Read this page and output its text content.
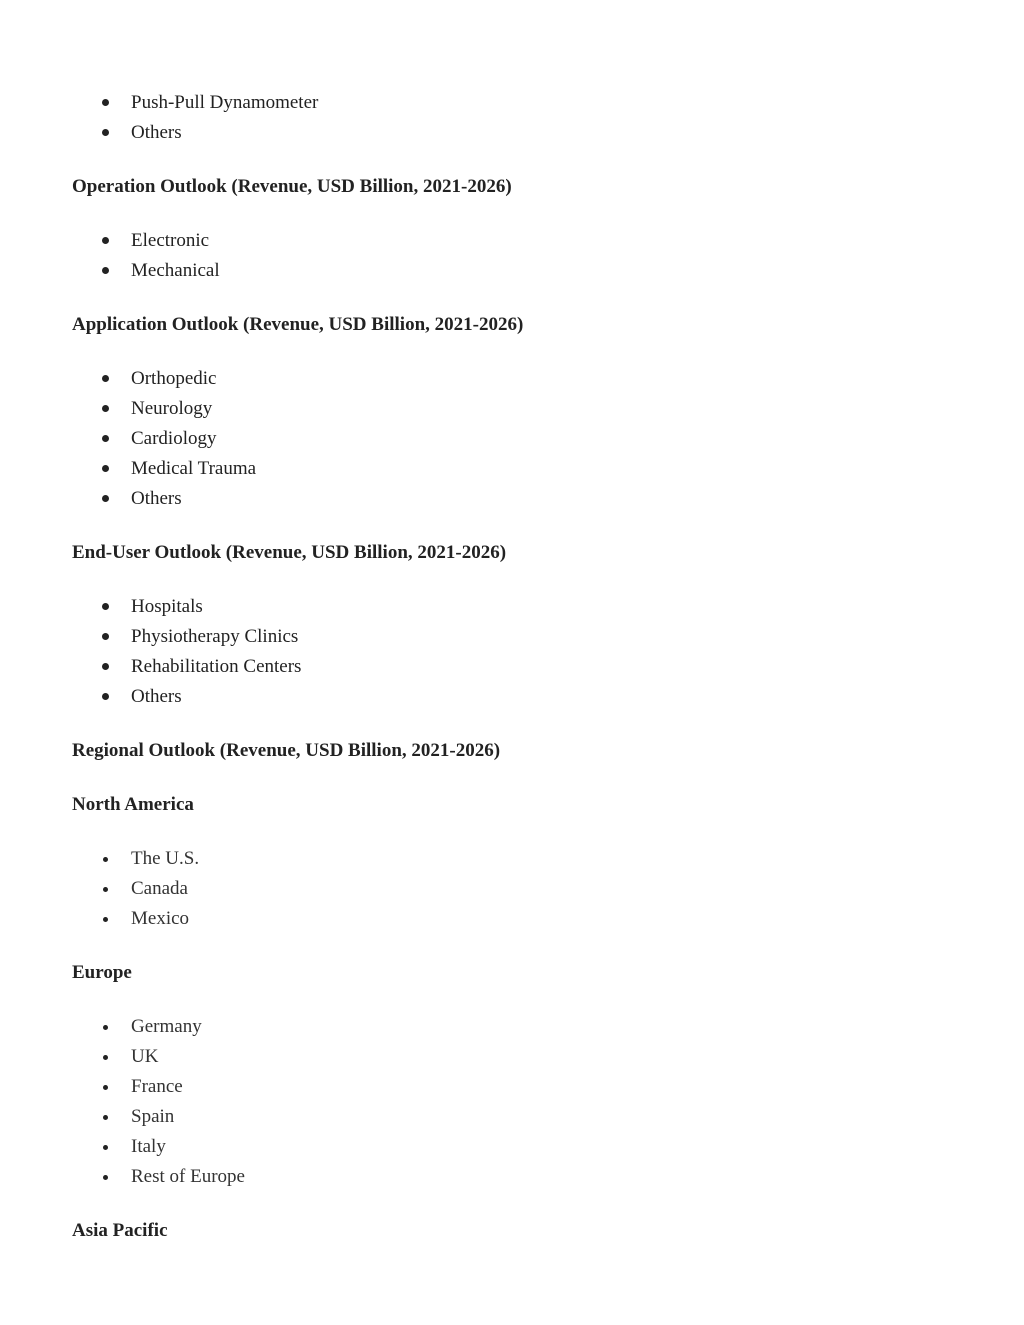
Push-Pull Dynamometer
Others
Operation Outlook (Revenue, USD Billion, 2021-2026)
Electronic
Mechanical
Application Outlook (Revenue, USD Billion, 2021-2026)
Orthopedic
Neurology
Cardiology
Medical Trauma
Others
End-User Outlook (Revenue, USD Billion, 2021-2026)
Hospitals
Physiotherapy Clinics
Rehabilitation Centers
Others
Regional Outlook (Revenue, USD Billion, 2021-2026)
North America
The U.S.
Canada
Mexico
Europe
Germany
UK
France
Spain
Italy
Rest of Europe
Asia Pacific
